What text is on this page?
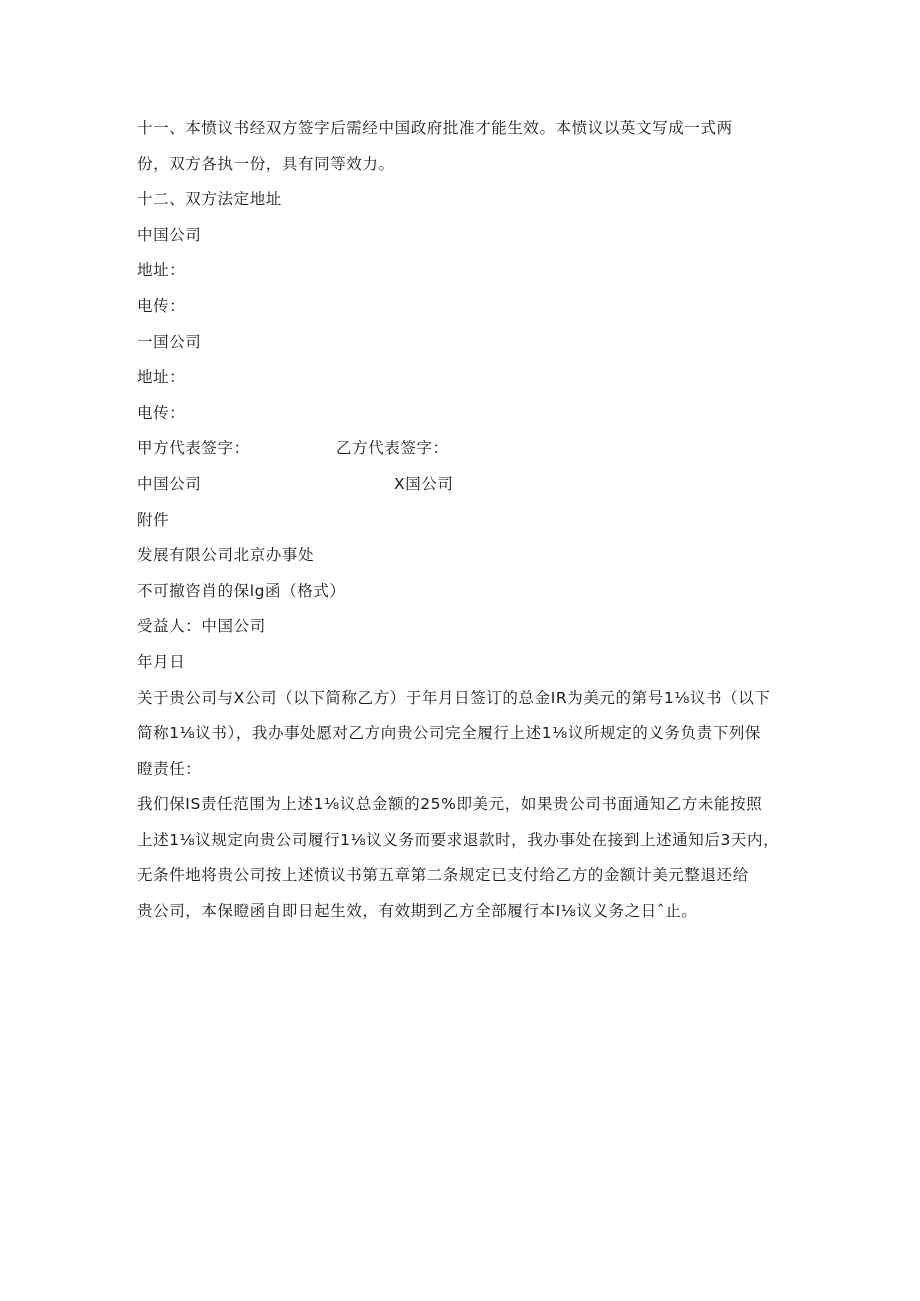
十一、本愤议书经双方签字后需经中国政府批准才能生效。本愤议以英文写成一式两
份，双方各执一份，具有同等效力。
十二、双方法定地址
中国公司
地址：
电传：
一国公司
地址：
电传：
甲方代表签字：	乙方代表签字：
中国公司	X国公司
附件
发展有限公司北京办事处
不可撤咨肖的保lg函（格式）
受益人：中国公司
年月日
关于贵公司与X公司（以下简称乙方）于年月日签订的总金IR为美元的第号1⅛议书（以下
简称1⅛议书），我办事处愿对乙方向贵公司完全履行上述1⅛议所规定的义务负责下列保
瞪责任：
我们保IS责任范围为上述1⅛议总金额的25%即美元，如果贵公司书面通知乙方未能按照
上述1⅛议规定向贵公司履行1⅛议义务而要求退款时，我办事处在接到上述通知后3天内，
无条件地将贵公司按上述愤议书第五章第二条规定已支付给乙方的金额计美元整退还给
贵公司，本保瞪函自即日起生效，有效期到乙方全部履行本I⅛议义务之日ˆ止。
